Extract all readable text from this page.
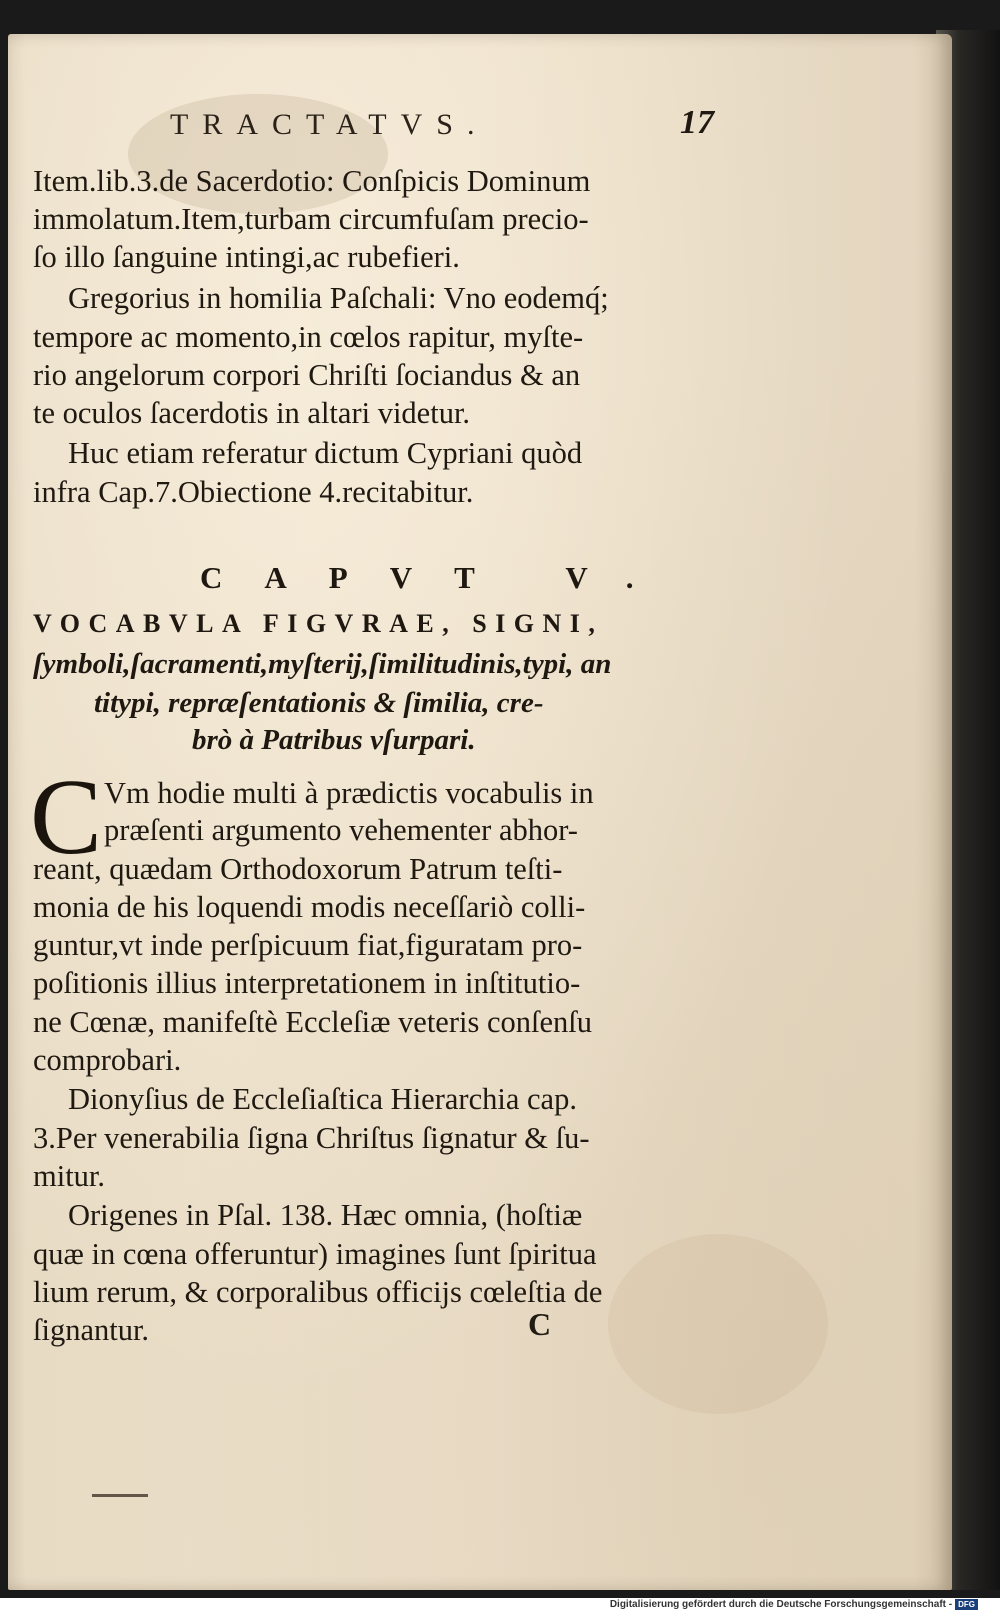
TRACTATVS.	17
Item.lib.3.de Sacerdotio: Conſpicis Dominum
immolatum.Item,turbam circumfuſam precio-
ſo illo ſanguine intingi,ac rubefieri.
Gregorius in homilia Paſchali: Vno eodemq́;
tempore ac momento,in cœlos rapitur, myſte-
rio angelorum corpori Chriſti ſociandus & an
te oculos ſacerdotis in altari videtur.
Huc etiam referatur dictum Cypriani quòd
infra Cap.7.Obiectione 4.recitabitur.
CAPVT V.
VOCABVLA FIGVRAE, SIGNI,
ſymboli,ſacramenti,myſterij,ſimilitudinis,typi, an
titypi, repræſentationis & ſimilia, cre-
brò à Patribus vſurpari.
C Vm hodie multi à prædictis vocabulis in
præſenti argumento vehementer abhor-
reant, quædam Orthodoxorum Patrum teſti-
monia de his loquendi modis neceſſariò colli-
guntur,vt inde perſpicuum fiat,figuratam pro-
poſitionis illius interpretationem in inſtitutio-
ne Cœnæ, manifeſtè Eccleſiæ veteris conſenſu
comprobari.
Dionyſius de Eccleſiaſtica Hierarchia cap.
3.Per venerabilia ſigna Chriſtus ſignatur & ſu-
mitur.
Origenes in Pſal. 138. Hæc omnia, (hoſtiæ
quæ in cœna offeruntur) imagines ſunt ſpiritua
lium rerum, & corporalibus officijs cœleſtia de
ſignantur.	C
Digitalisierung gefördert durch die Deutsche Forschungsgemeinschaft - DFG
